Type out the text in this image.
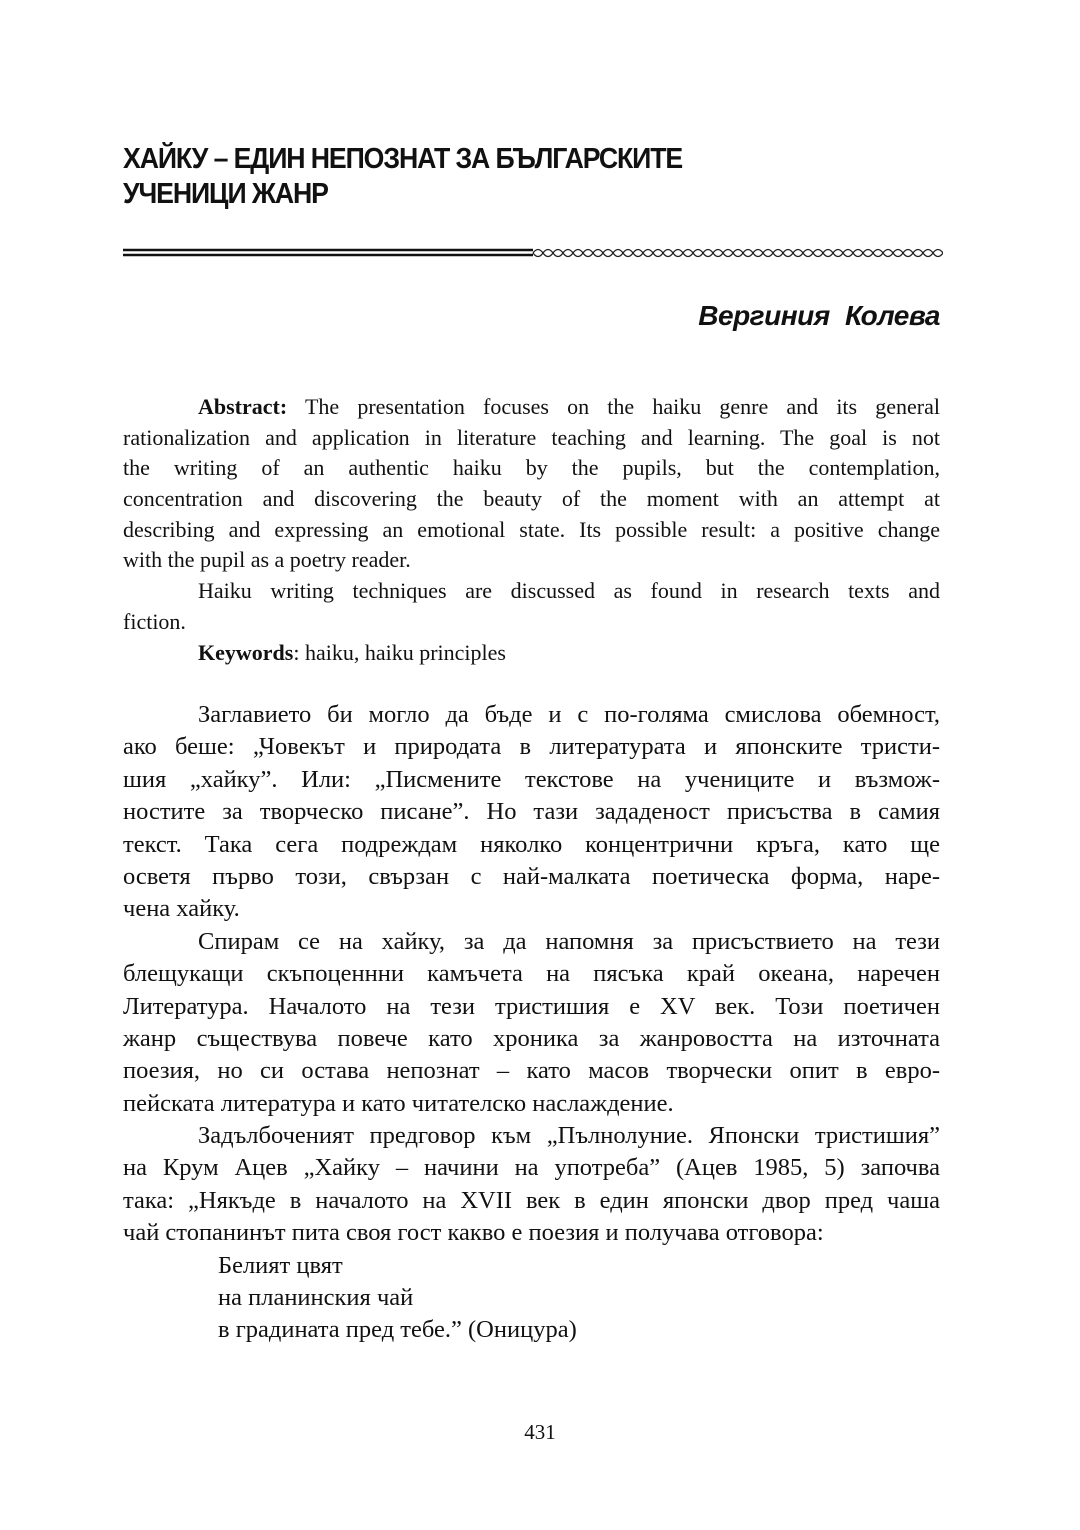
ХАЙКУ – ЕДИН НЕПОЗНАТ ЗА БЪЛГАРСКИТЕ
УЧЕНИЦИ ЖАНР
Вергиния Колева
Abstract: The presentation focuses on the haiku genre and its general
rationalization and application in literature teaching and learning. The goal is not
the writing of an authentic haiku by the pupils, but the contemplation,
concentration and discovering the beauty of the moment with an attempt at
describing and expressing an emotional state. Its possible result: a positive change
with the pupil as a poetry reader.
Haiku writing techniques are discussed as found in research texts and
fiction.
Keywords: haiku, haiku principles
Заглавието би могло да бъде и с по-голяма смислова обемност,
ако беше: „Човекът и природата в литературата и японските тристи-
шия „хайку”. Или: „Писмените текстове на учениците и възмож-
ностите за творческо писане”. Но тази зададеност присъства в самия
текст. Така сега подреждам няколко концентрични кръга, като ще
осветя първо този, свързан с най-малката поетическа форма, наре-
чена хайку.
Спирам се на хайку, за да напомня за присъствието на тези
блещукащи скъпоценнни камъчета на пясъка край океана, наречен
Литература. Началото на тези тристишия е XV век. Този поетичен
жанр съществува повече като хроника за жанровостта на източната
поезия, но си остава непознат – като масов творчески опит в евро-
пейската литература и като читателско наслаждение.
Задълбоченият предговор към „Пълнолуние. Японски тристишия”
на Крум Ацев „Хайку – начини на употреба” (Ацев 1985, 5) започва
така: „Някъде в началото на XVII век в един японски двор пред чаша
чай стопанинът пита своя гост какво е поезия и получава отговора:
Белият цвят
на планинския чай
в градината пред тебе.” (Оницура)
431
